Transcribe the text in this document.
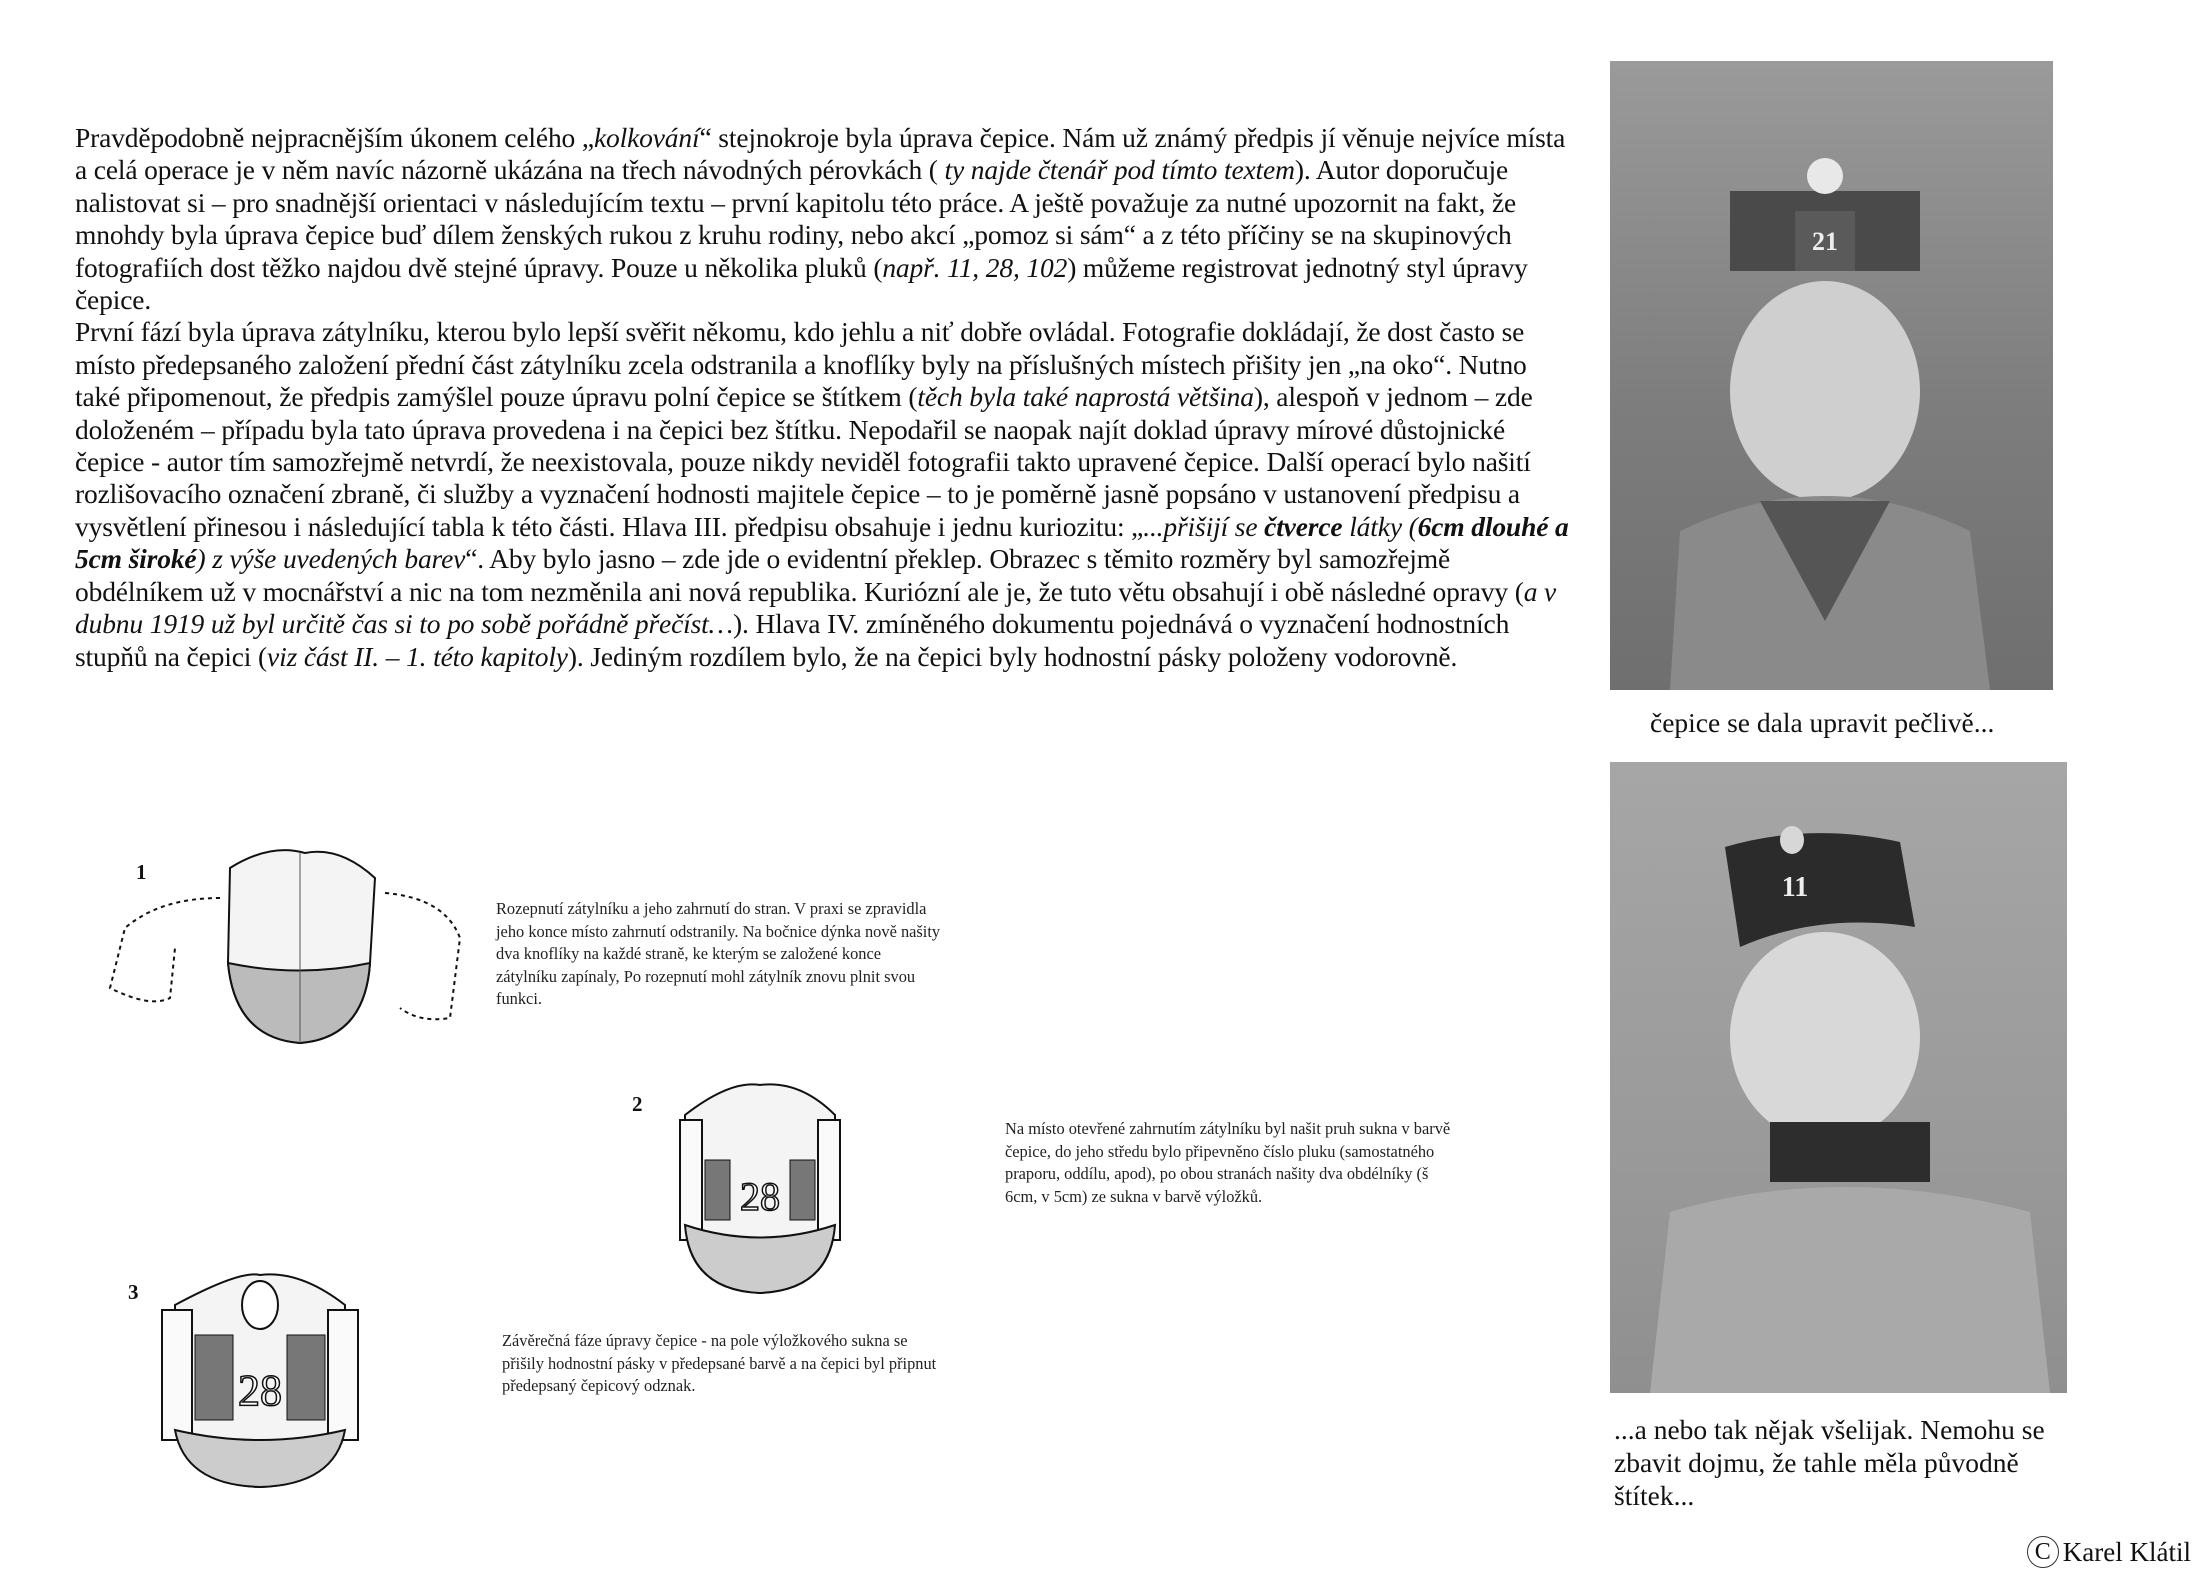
Pravděpodobně nejpracnějším úkonem celého „kolkování“ stejnokroje byla úprava čepice. Nám už známý předpis jí věnuje nejvíce místa a celá operace je v něm navíc názorně ukázána na třech návodných pérovkách ( ty najde čtenář pod tímto textem). Autor doporučuje nalistovat si – pro snadnější orientaci v následujícím textu – první kapitolu této práce. A ještě považuje za nutné upozornit na fakt, že mnohdy byla úprava čepice buď dílem ženských rukou z kruhu rodiny, nebo akcí „pomoz si sám“ a z této příčiny se na skupinových fotografiích dost těžko najdou dvě stejné úpravy. Pouze u několika pluků (např. 11, 28, 102) můžeme registrovat jednotný styl úpravy čepice.

První fází byla úprava zátylníku, kterou bylo lepší svěřit někomu, kdo jehlu a niť dobře ovládal. Fotografie dokládají, že dost často se místo předepsaného založení přední část zátylníku zcela odstranila a knoflíky byly na příslušných místech přišity jen „na oko“. Nutno také připomenout, že předpis zamýšlel pouze úpravu polní čepice se štítkem (těch byla také naprostá většina), alespoň v jednom – zde doloženém – případu byla tato úprava provedena i na čepici bez štítku. Nepodařil se naopak najít doklad úpravy mírové důstojnické čepice - autor tím samozřejmě netvrdí, že neexistovala, pouze nikdy neviděl fotografii takto upravené čepice. Další operací bylo našití rozlišovacího označení zbraně, či služby a vyznačení hodnosti majitele čepice – to je poměrně jasně popsáno v ustanovení předpisu a vysvětlení přinesou i následující tabla k této části. Hlava III. předpisu obsahuje i jednu kuriozitu: „...přišijí se čtverce látky (6cm dlouhé a 5cm široké) z výše uvedených barev“. Aby bylo jasno – zde jde o evidentní překlep. Obrazec s těmito rozměry byl samozřejmě obdélníkem už v mocnářství a nic na tom nezměnila ani nová republika. Kuriózní ale je, že tuto větu obsahují i obě následné opravy (a v dubnu 1919 už byl určitě čas si to po sobě pořádně přečíst…). Hlava IV. zmíněného dokumentu pojednává o vyznačení hodnostních stupňů na čepici (viz část II. – 1. této kapitoly). Jediným rozdílem bylo, že na čepici byly hodnostní pásky položeny vodorovně.

1
Rozepnutí zátylníku a jeho zahrnutí do stran. V praxi se zpravidla jeho konce místo zahrnutí odstranily. Na bočnice dýnka nově našity dva knoflíky na každé straně, ke kterým se založené konce zátylníku zapínaly, Po rozepnutí mohl zátylník znovu plnit svou funkci.
2
28
Na místo otevřené zahrnutím zátylníku byl našit pruh sukna v barvě čepice, do jeho středu bylo připevněno číslo pluku (samostatného praporu, oddílu, apod), po obou stranách našity dva obdélníky (š 6cm, v 5cm) ze sukna v barvě výložků.
3
28
Závěrečná fáze úpravy čepice - na pole výložkového sukna se přišily hodnostní pásky v předepsané barvě a na čepici byl připnut předepsaný čepicový odznak.
21
čepice se dala upravit pečlivě...
11
...a nebo tak nějak všelijak. Nemohu se zbavit dojmu, že tahle měla původně štítek...
C Karel Klátil
